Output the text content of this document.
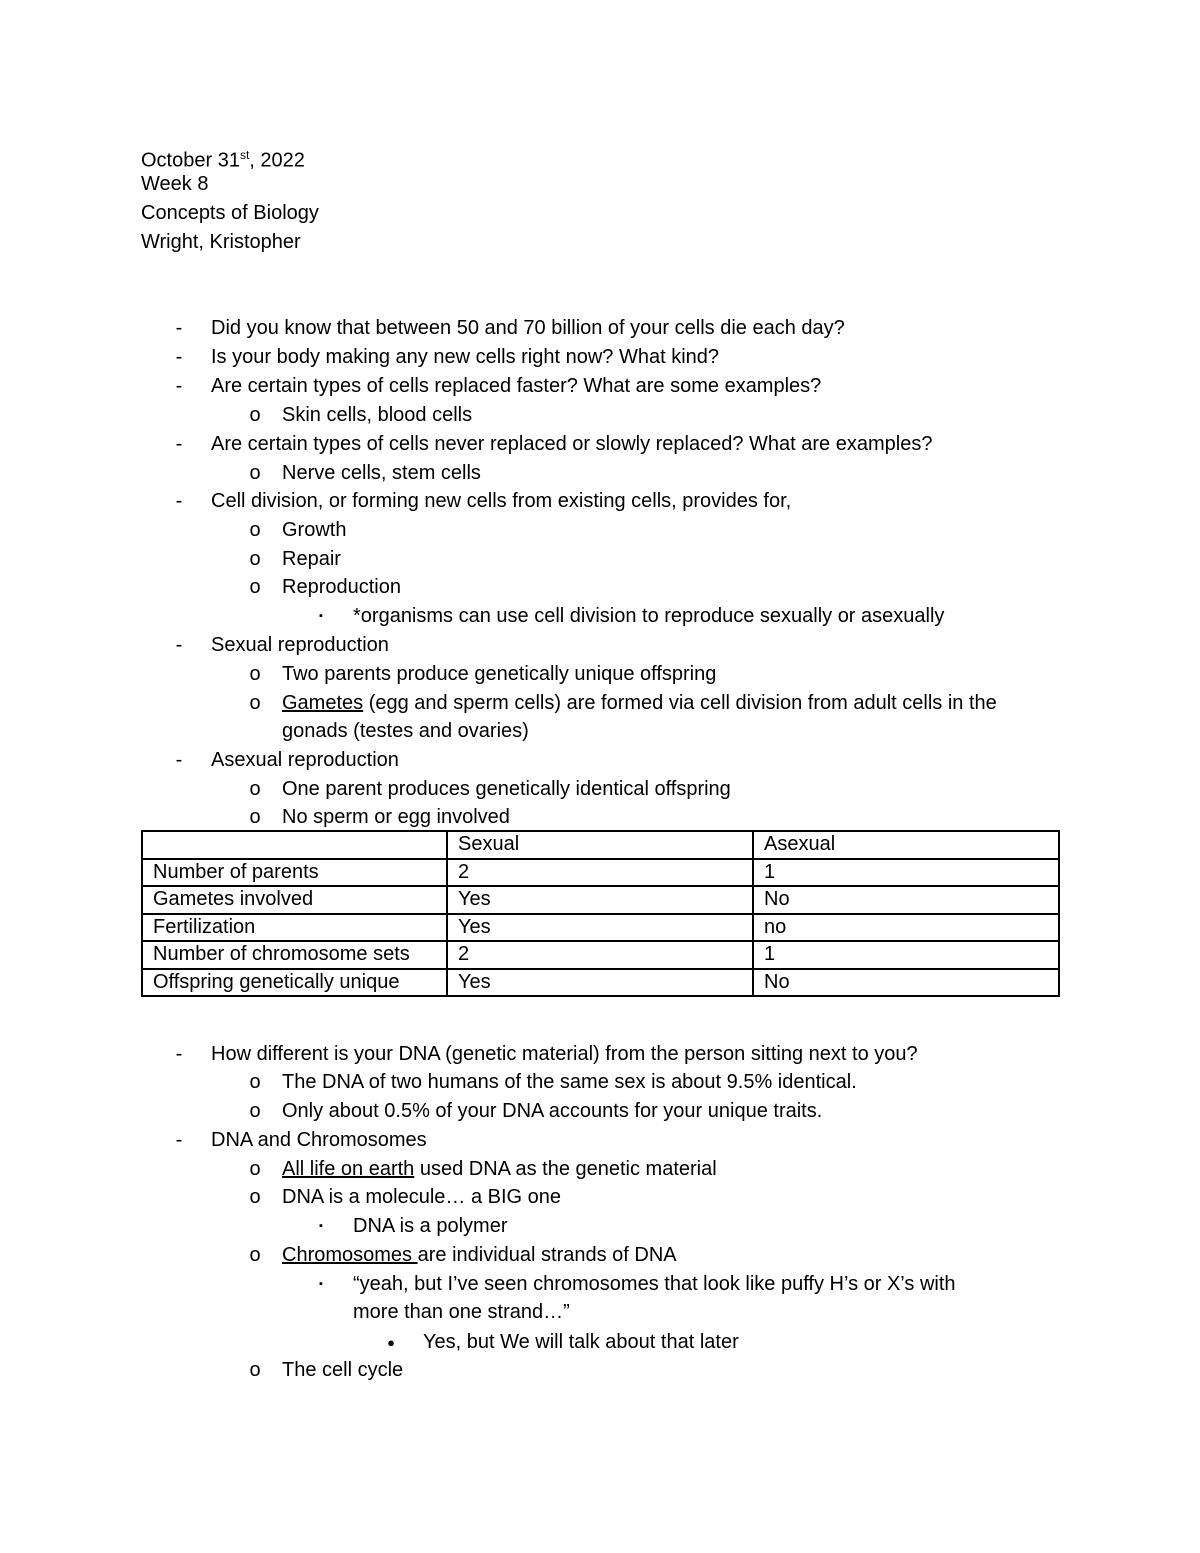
October 31st, 2022
Week 8
Concepts of Biology
Wright, Kristopher
-	Did you know that between 50 and 70 billion of your cells die each day?
-	Is your body making any new cells right now? What kind?
-	Are certain types of cells replaced faster? What are some examples?
o Skin cells, blood cells
-	Are certain types of cells never replaced or slowly replaced? What are examples?
o Nerve cells, stem cells
-	Cell division, or forming new cells from existing cells, provides for,
o Growth
o Repair
o Reproduction
▪	*organisms can use cell division to reproduce sexually or asexually
-	Sexual reproduction
o Two parents produce genetically unique offspring
o Gametes (egg and sperm cells) are formed via cell division from adult cells in the
gonads (testes and ovaries)
-	Asexual reproduction
o One parent produces genetically identical offspring
o No sperm or egg involved
	Sexual	Asexual
Number of parents	2	1
Gametes involved	Yes	No
Fertilization	Yes	no
Number of chromosome sets	2	1
Offspring genetically unique	Yes	No
-	How different is your DNA (genetic material) from the person sitting next to you?
o The DNA of two humans of the same sex is about 9.5% identical.
o Only about 0.5% of your DNA accounts for your unique traits.
-	DNA and Chromosomes
o All life on earth used DNA as the genetic material
o DNA is a molecule… a BIG one
▪	DNA is a polymer
o Chromosomes are individual strands of DNA
▪	“yeah, but I’ve seen chromosomes that look like puffy H’s or X’s with
more than one strand…”
●	Yes, but We will talk about that later
o The cell cycle
